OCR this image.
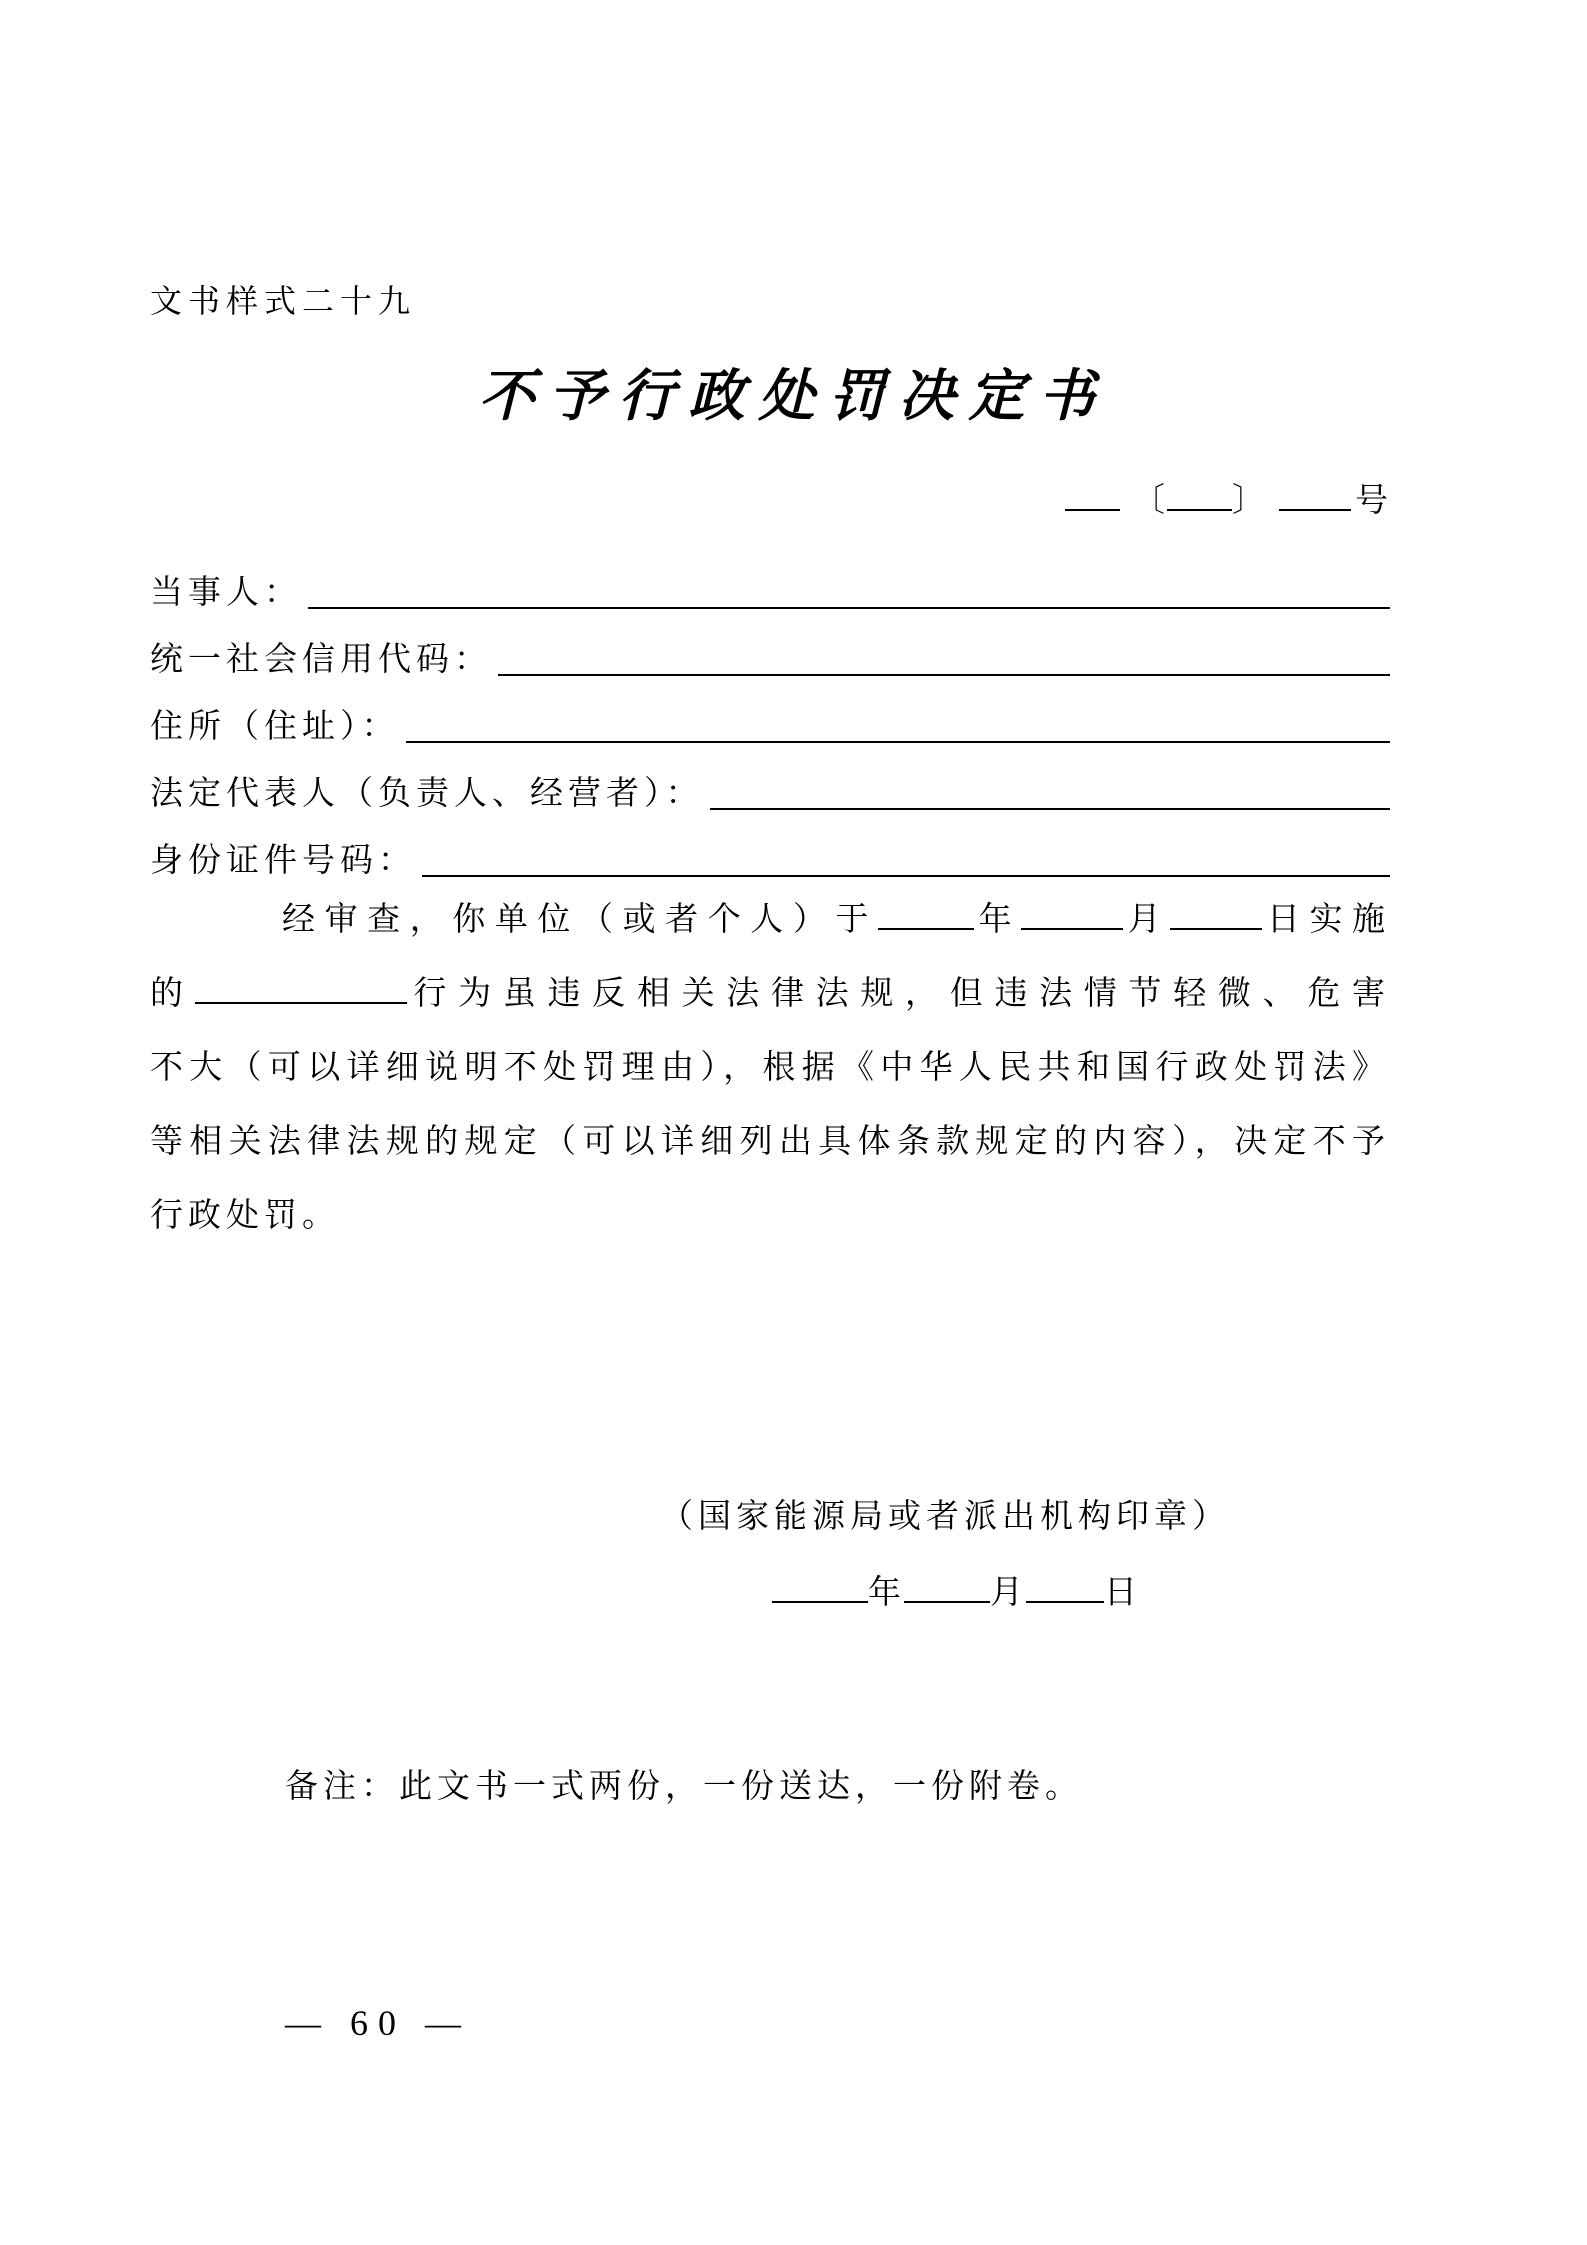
文书样式二十九
不予行政处罚决定书
〔 〕	号
当事人：
统一社会信用代码：
住所（住址）：
法定代表人（负责人、经营者）：
身份证件号码：
经审查，你单位（或者个人）于	年	月	日实施
的	行为虽违反相关法律法规，但违法情节轻微、危害
不大（可以详细说明不处罚理由），根据《中华人民共和国行政处罚法》
等相关法律法规的规定（可以详细列出具体条款规定的内容），决定不予
行政处罚。
（国家能源局或者派出机构印章）
年	月 日
备注：此文书一式两份，一份送达，一份附卷。
— 60 —
